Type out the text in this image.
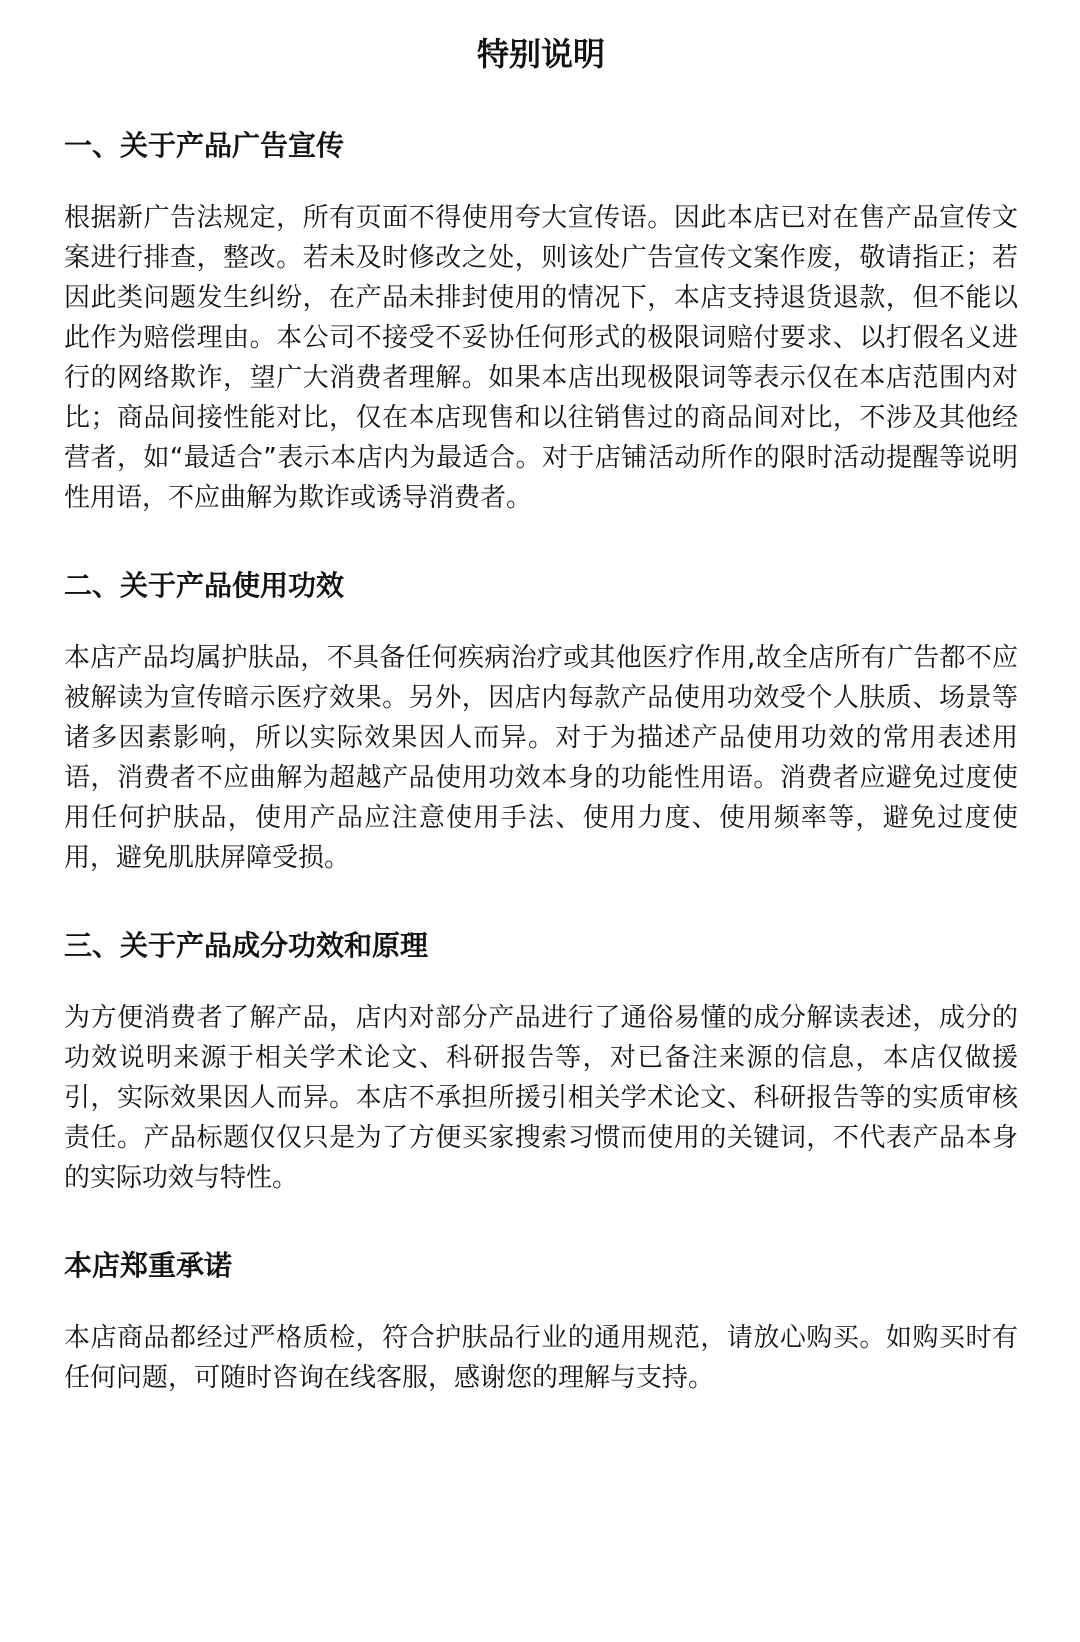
特别说明
一、关于产品广告宣传

根据新广告法规定，所有页面不得使用夸大宣传语。因此本店已对在售产品宣传文案进行排查，整改。若未及时修改之处，则该处广告宣传文案作废，敬请指正；若因此类问题发生纠纷，在产品未排封使用的情况下，本店支持退货退款，但不能以此作为赔偿理由。本公司不接受不妥协任何形式的极限词赔付要求、以打假名义进行的网络欺诈，望广大消费者理解。如果本店出现极限词等表示仅在本店范围内对比；商品间接性能对比，仅在本店现售和以往销售过的商品间对比，不涉及其他经营者，如“最适合”表示本店内为最适合。对于店铺活动所作的限时活动提醒等说明性用语，不应曲解为欺诈或诱导消费者。

二、关于产品使用功效

本店产品均属护肤品，不具备任何疾病治疗或其他医疗作用,故全店所有广告都不应被解读为宣传暗示医疗效果。另外，因店内每款产品使用功效受个人肤质、场景等诸多因素影响，所以实际效果因人而异。对于为描述产品使用功效的常用表述用语，消费者不应曲解为超越产品使用功效本身的功能性用语。消费者应避免过度使用任何护肤品，使用产品应注意使用手法、使用力度、使用频率等，避免过度使用，避免肌肤屏障受损。

三、关于产品成分功效和原理

为方便消费者了解产品，店内对部分产品进行了通俗易懂的成分解读表述，成分的功效说明来源于相关学术论文、科研报告等，对已备注来源的信息，本店仅做援引，实际效果因人而异。本店不承担所援引相关学术论文、科研报告等的实质审核责任。产品标题仅仅只是为了方便买家搜索习惯而使用的关键词，不代表产品本身的实际功效与特性。

本店郑重承诺

本店商品都经过严格质检，符合护肤品行业的通用规范，请放心购买。如购买时有任何问题，可随时咨询在线客服，感谢您的理解与支持。
